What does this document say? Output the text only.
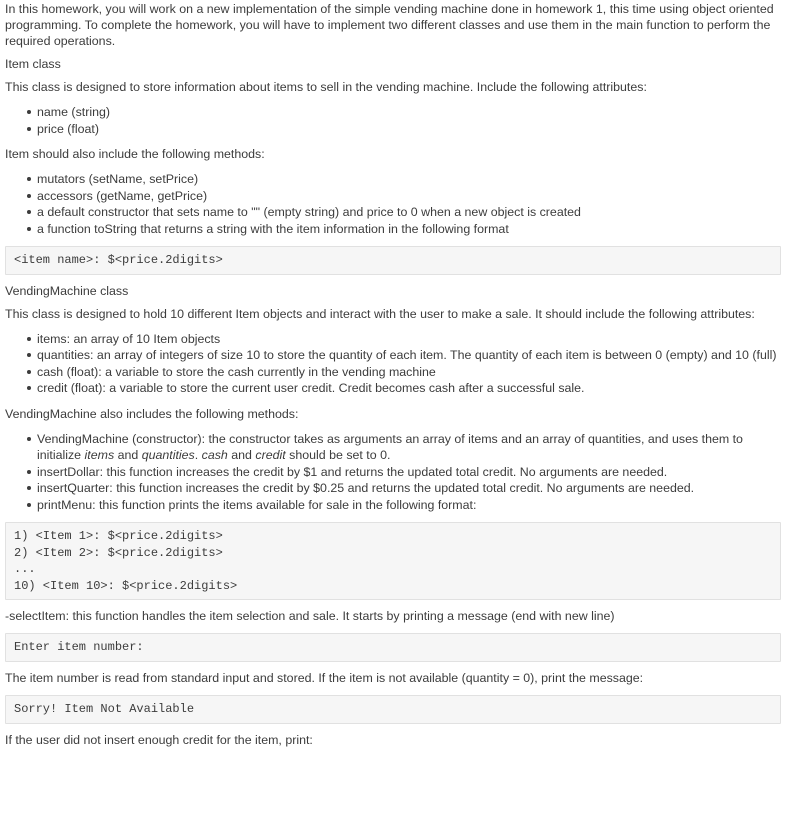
In this homework, you will work on a new implementation of the simple vending machine done in homework 1, this time using object oriented programming. To complete the homework, you will have to implement two different classes and use them in the main function to perform the required operations.

Item class

This class is designed to store information about items to sell in the vending machine. Include the following attributes:

name (string)
price (float)

Item should also include the following methods:

mutators (setName, setPrice)
accessors (getName, getPrice)
a default constructor that sets name to "" (empty string) and price to 0 when a new object is created
a function toString that returns a string with the item information in the following format
<item name>: $<price.2digits>

VendingMachine class

This class is designed to hold 10 different Item objects and interact with the user to make a sale. It should include the following attributes:

items: an array of 10 Item objects
quantities: an array of integers of size 10 to store the quantity of each item. The quantity of each item is between 0 (empty) and 10 (full)
cash (float): a variable to store the cash currently in the vending machine
credit (float): a variable to store the current user credit. Credit becomes cash after a successful sale.

VendingMachine also includes the following methods:

VendingMachine (constructor): the constructor takes as arguments an array of items and an array of quantities, and uses them to initialize items and quantities. cash and credit should be set to 0.
insertDollar: this function increases the credit by $1 and returns the updated total credit. No arguments are needed.
insertQuarter: this function increases the credit by $0.25 and returns the updated total credit. No arguments are needed.
printMenu: this function prints the items available for sale in the following format:
1) <Item 1>: $<price.2digits>
2) <Item 2>: $<price.2digits>
...
10) <Item 10>: $<price.2digits>

-selectItem: this function handles the item selection and sale. It starts by printing a message (end with new line)

Enter item number:

The item number is read from standard input and stored. If the item is not available (quantity = 0), print the message:

Sorry! Item Not Available

If the user did not insert enough credit for the item, print:
